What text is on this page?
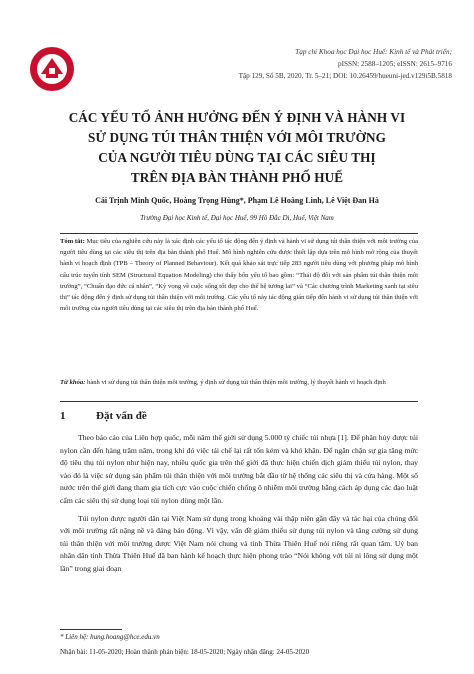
Tạp chí Khoa học Đại học Huế: Kinh tế và Phát triển;
pISSN: 2588–1205; eISSN: 2615–9716
Tập 129, Số 5B, 2020, Tr. 5–21; DOI: 10.26459/hueuni-jed.v129i5B.5818
CÁC YẾU TỐ ẢNH HƯỞNG ĐẾN Ý ĐỊNH VÀ HÀNH VI
SỬ DỤNG TÚI THÂN THIỆN VỚI MÔI TRƯỜNG
CỦA NGƯỜI TIÊU DÙNG TẠI CÁC SIÊU THỊ
TRÊN ĐỊA BÀN THÀNH PHỐ HUẾ
Cái Trịnh Minh Quốc, Hoàng Trọng Hùng*, Phạm Lê Hoàng Linh, Lê Việt Đan Hà
Trường Đại học Kinh tế, Đại học Huế, 99 Hồ Đắc Di, Huế, Việt Nam
Tóm tắt: Mục tiêu của nghiên cứu này là xác định các yếu tố tác động đến ý định và hành vi sử dụng túi thân thiện với môi trường của người tiêu dùng tại các siêu thị trên địa bàn thành phố Huế. Mô hình nghiên cứu được thiết lập dựa trên mô hình mở rộng của thuyết hành vi hoạch định (TPB – Theory of Planned Behaviour). Kết quả khảo sát trực tiếp 283 người tiêu dùng với phương pháp mô hình cấu trúc tuyến tính SEM (Structural Equation Modeling) cho thấy bốn yếu tố bao gồm: “Thái độ đối với sản phẩm túi thân thiện môi trường”, “Chuẩn đạo đức cá nhân”, “Kỳ vọng về cuộc sống tốt đẹp cho thế hệ tương lai” và “Các chương trình Marketing xanh tại siêu thị” tác động đến ý định sử dụng túi thân thiện với môi trường. Các yếu tố này tác động gián tiếp đến hành vi sử dụng túi thân thiện với môi trường của người tiêu dùng tại các siêu thị trên địa bàn thành phố Huế.
Từ khóa: hành vi sử dụng túi thân thiện môi trường, ý định sử dụng túi thân thiện môi trường, lý thuyết hành vi hoạch định
1	Đặt vấn đề

Theo báo cáo của Liên hợp quốc, mỗi năm thế giới sử dụng 5.000 tỷ chiếc túi nhựa [1]. Để phân hủy được túi nylon cần đến hàng trăm năm, trong khi đó việc tái chế lại rất tốn kém và khó khăn. Để ngăn chặn sự gia tăng mức độ tiêu thụ túi nylon như hiện nay, nhiều quốc gia trên thế giới đã thực hiện chiến dịch giảm thiểu túi nylon, thay vào đó là việc sử dụng sản phẩm túi thân thiện với môi trường bắt đầu từ hệ thống các siêu thị và cửa hàng. Một số nước trên thế giới đang tham gia tích cực vào cuộc chiến chống ô nhiễm môi trường bằng cách áp dụng các đạo luật cấm các siêu thị sử dụng loại túi nylon dùng một lần.

Túi nylon được người dân tại Việt Nam sử dụng trong khoảng vài thập niên gần đây và tác hại của chúng đối với môi trường rất nặng nề và đáng báo động. Vì vậy, vấn đề giảm thiểu sử dụng túi nylon và tăng cường sử dụng túi thân thiện với môi trường được Việt Nam nói chung và tỉnh Thừa Thiên Huế nói riêng rất quan tâm. Uỷ ban nhân dân tỉnh Thừa Thiên Huế đã ban hành kế hoạch thực hiện phong trào “Nói không với túi ni lông sử dụng một lần” trong giai đoạn

* Liên hệ: hung.hoang@hce.edu.vn
Nhận bài: 11-05-2020; Hoàn thành phản biện: 18-05-2020; Ngày nhận đăng: 24-05-2020
